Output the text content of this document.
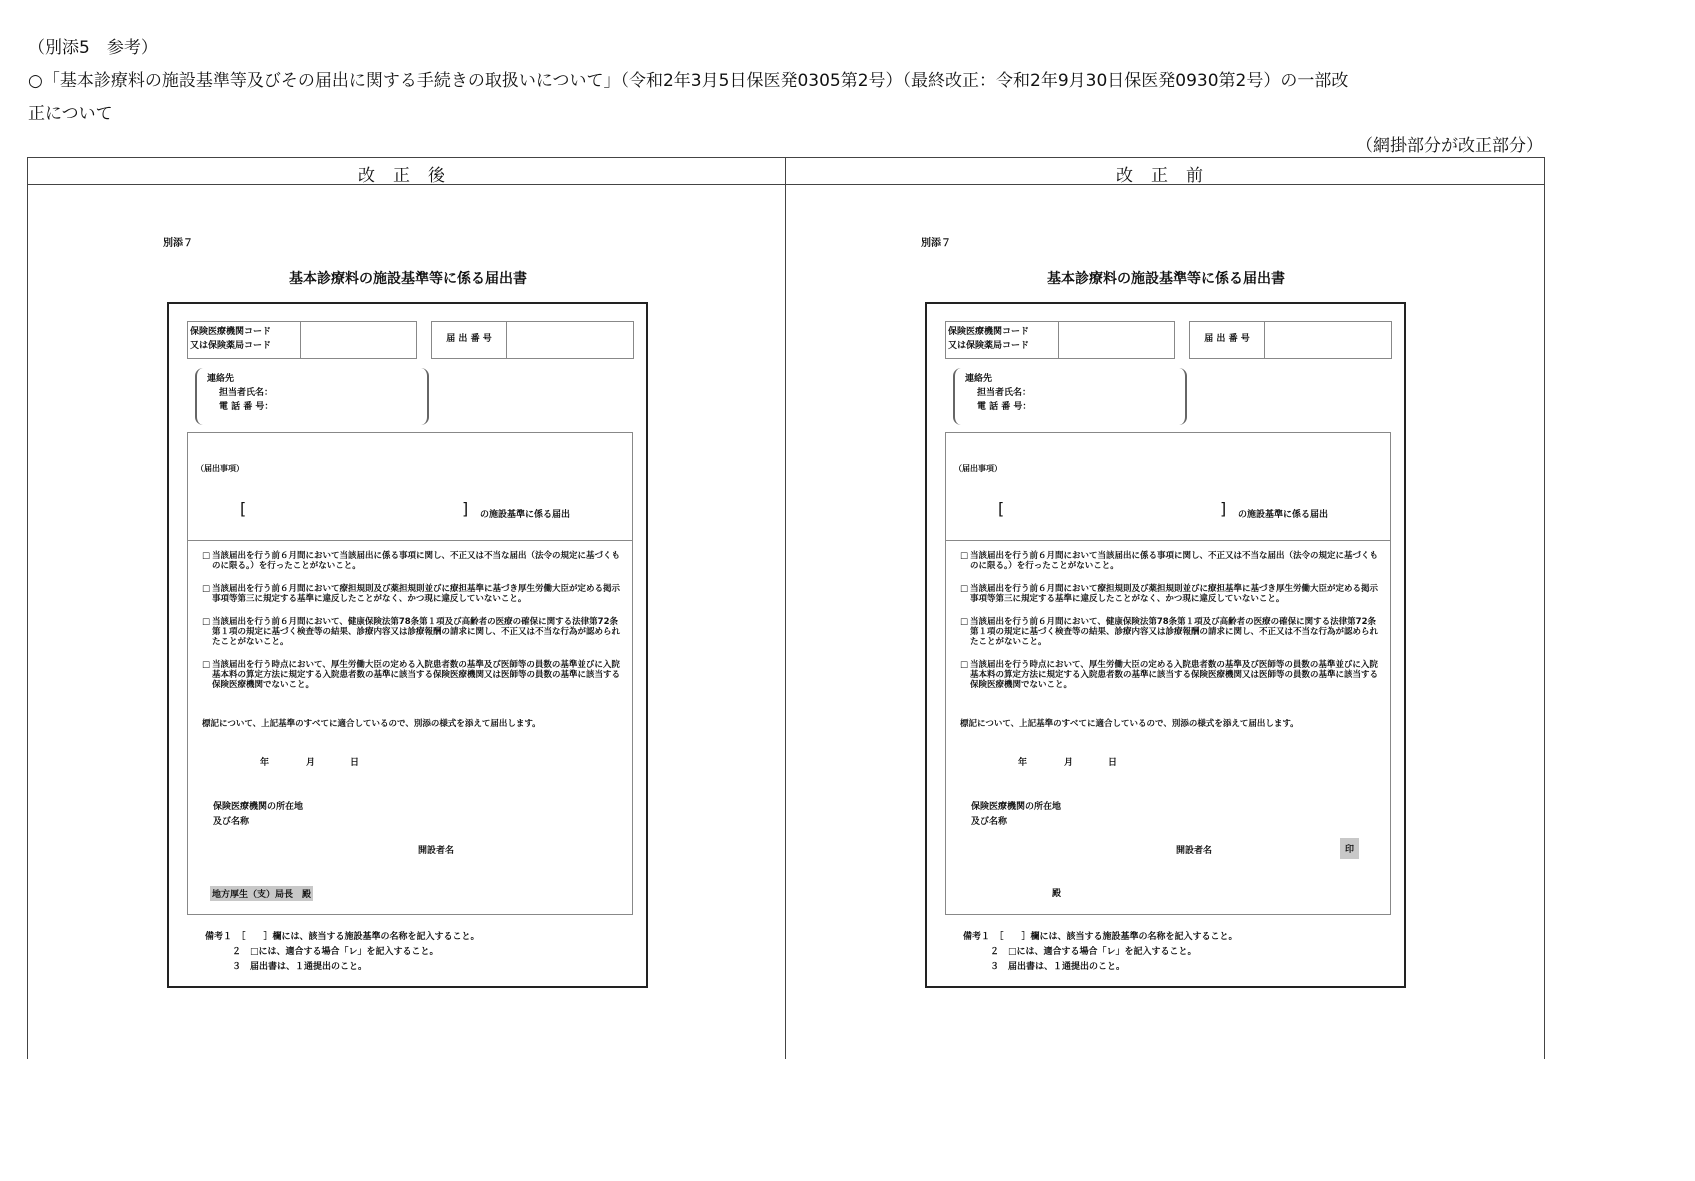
（別添5　参考）
○「基本診療料の施設基準等及びその届出に関する手続きの取扱いについて」（令和2年3月5日保医発0305第2号）（最終改正：令和2年9月30日保医発0930第2号）の一部改
正について
（網掛部分が改正部分）
改正後	改正前
別添７
基本診療料の施設基準等に係る届出書
保険医療機関コード
又は保険薬局コード
届 出 番 号
連絡先
担当者氏名：
電 話 番 号：
（届出事項）
[	] の施設基準に係る届出
□ 当該届出を行う前６月間において当該届出に係る事項に関し、不正又は不当な届出（法令の規定に基づくものに限る。）を行ったことがないこと。
□ 当該届出を行う前６月間において療担規則及び薬担規則並びに療担基準に基づき厚生労働大臣が定める掲示事項等第三に規定する基準に違反したことがなく、かつ現に違反していないこと。
□ 当該届出を行う前６月間において、健康保険法第78条第１項及び高齢者の医療の確保に関する法律第72条第１項の規定に基づく検査等の結果、診療内容又は診療報酬の請求に関し、不正又は不当な行為が認められたことがないこと。
□ 当該届出を行う時点において、厚生労働大臣の定める入院患者数の基準及び医師等の員数の基準並びに入院基本料の算定方法に規定する入院患者数の基準に該当する保険医療機関又は医師等の員数の基準に該当する保険医療機関でないこと。
標記について、上記基準のすべてに適合しているので、別添の様式を添えて届出します。
年	月	日
保険医療機関の所在地
及び名称
開設者名
地方厚生（支）局長　殿
備考１　［　　］欄には、該当する施設基準の名称を記入すること。
２　□には、適合する場合「レ」を記入すること。
３　届出書は、１通提出のこと。
別添７
基本診療料の施設基準等に係る届出書
保険医療機関コード
又は保険薬局コード
届 出 番 号
連絡先
担当者氏名：
電 話 番 号：
（届出事項）
[	] の施設基準に係る届出
□ 当該届出を行う前６月間において当該届出に係る事項に関し、不正又は不当な届出（法令の規定に基づくものに限る。）を行ったことがないこと。
□ 当該届出を行う前６月間において療担規則及び薬担規則並びに療担基準に基づき厚生労働大臣が定める掲示事項等第三に規定する基準に違反したことがなく、かつ現に違反していないこと。
□ 当該届出を行う前６月間において、健康保険法第78条第１項及び高齢者の医療の確保に関する法律第72条第１項の規定に基づく検査等の結果、診療内容又は診療報酬の請求に関し、不正又は不当な行為が認められたことがないこと。
□ 当該届出を行う時点において、厚生労働大臣の定める入院患者数の基準及び医師等の員数の基準並びに入院基本料の算定方法に規定する入院患者数の基準に該当する保険医療機関又は医師等の員数の基準に該当する保険医療機関でないこと。
標記について、上記基準のすべてに適合しているので、別添の様式を添えて届出します。
年	月	日
保険医療機関の所在地
及び名称
開設者名	印
殿
備考１　［　　］欄には、該当する施設基準の名称を記入すること。
２　□には、適合する場合「レ」を記入すること。
３　届出書は、１通提出のこと。
